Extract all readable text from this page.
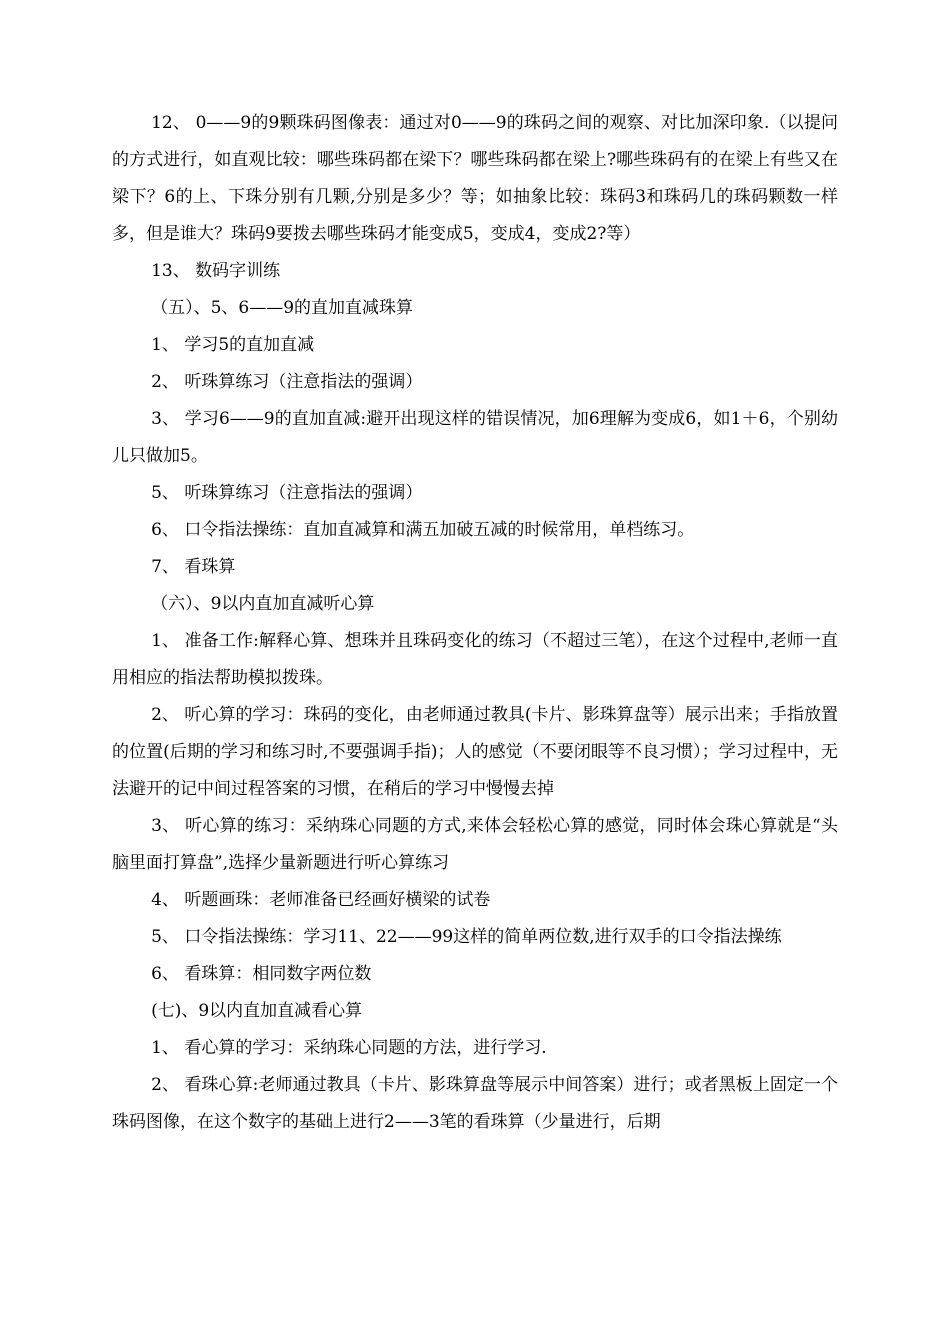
12、 0——9的9颗珠码图像表：通过对0——9的珠码之间的观察、对比加深印象.（以提问的方式进行，如直观比较：哪些珠码都在梁下？哪些珠码都在梁上?哪些珠码有的在梁上有些又在梁下？6的上、下珠分别有几颗,分别是多少？等；如抽象比较：珠码3和珠码几的珠码颗数一样多，但是谁大？珠码9要拨去哪些珠码才能变成5，变成4，变成2?等）

13、 数码字训练

（五）、5、6——9的直加直减珠算

1、 学习5的直加直减

2、 听珠算练习（注意指法的强调）

3、 学习6——9的直加直减:避开出现这样的错误情况，加6理解为变成6，如1＋6，个别幼儿只做加5。

5、 听珠算练习（注意指法的强调）

6、 口令指法操练：直加直减算和满五加破五减的时候常用，单档练习。

7、 看珠算

（六）、9以内直加直减听心算

1、 准备工作:解释心算、想珠并且珠码变化的练习（不超过三笔），在这个过程中,老师一直用相应的指法帮助模拟拨珠。

2、 听心算的学习：珠码的变化，由老师通过教具(卡片、影珠算盘等）展示出来；手指放置的位置(后期的学习和练习时,不要强调手指)；人的感觉（不要闭眼等不良习惯）；学习过程中，无法避开的记中间过程答案的习惯，在稍后的学习中慢慢去掉

3、 听心算的练习：采纳珠心同题的方式,来体会轻松心算的感觉，同时体会珠心算就是“头脑里面打算盘”,选择少量新题进行听心算练习

4、 听题画珠：老师准备已经画好横梁的试卷

5、 口令指法操练：学习11、22——99这样的简单两位数,进行双手的口令指法操练

6、 看珠算：相同数字两位数

(七)、9以内直加直减看心算

1、 看心算的学习：采纳珠心同题的方法，进行学习.

2、 看珠心算:老师通过教具（卡片、影珠算盘等展示中间答案）进行；或者黑板上固定一个珠码图像，在这个数字的基础上进行2——3笔的看珠算（少量进行，后期
